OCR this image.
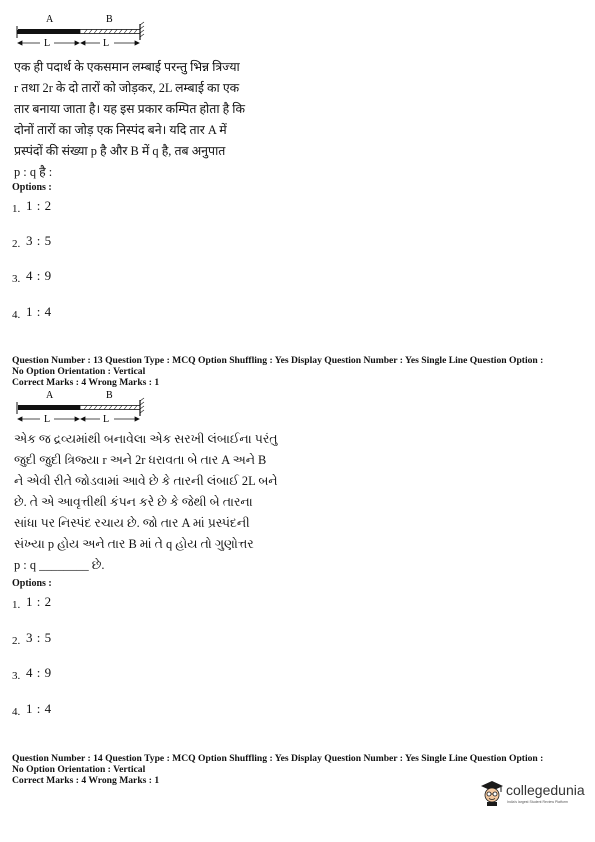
A	B
L	L
एक ही पदार्थ के एकसमान लम्बाई परन्तु भिन्न त्रिज्या
r तथा 2r के दो तारों को जोड़कर, 2L लम्बाई का एक
तार बनाया जाता है। यह इस प्रकार कम्पित होता है कि
दोनों तारों का जोड़ एक निस्पंद बने। यदि तार A में
प्रस्पंदों की संख्या p है और B में q है, तब अनुपात
p : q है :
Options :
1. 1 : 2
2. 3 : 5
3. 4 : 9
4. 1 : 4
Question Number : 13 Question Type : MCQ Option Shuffling : Yes Display Question Number : Yes Single Line Question Option :
No Option Orientation : Vertical
Correct Marks : 4 Wrong Marks : 1
A	B
L	L
એક જ દ્રવ્યમાંથી બનાવેલા એક સરખી લંબાઈના પરંતુ
જુદી જુદી ત્રિજ્યા r અને 2r ધરાવતા બે તાર A અને B
ને એવી રીતે જોડવામાં આવે છે કે તારની લંબાઈ 2L બને
છે. તે એ આવૃત્તીથી કંપન કરે છે કે જેથી બે તારના
સાંધા પર નિસ્પંદ રચાય છે. જો તાર A માં પ્રસ્પંદની
સંખ્યા p હોય અને તાર B માં તે q હોય તો ગુણોત્તર
p : q ________ છે.
Options :
1. 1 : 2
2. 3 : 5
3. 4 : 9
4. 1 : 4
Question Number : 14 Question Type : MCQ Option Shuffling : Yes Display Question Number : Yes Single Line Question Option :
No Option Orientation : Vertical
Correct Marks : 4 Wrong Marks : 1
collegedunia
India's largest Student Review Platform
